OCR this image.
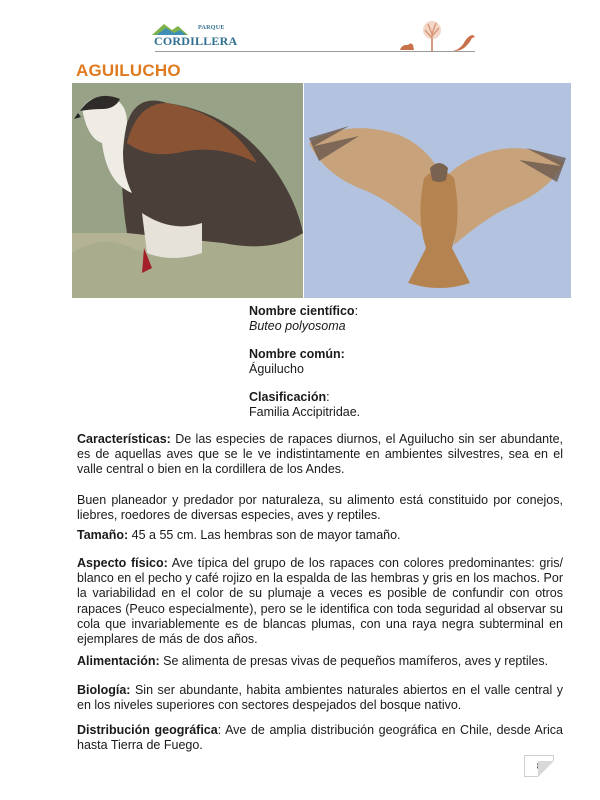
PARQUE
CORDILLERA
AGUILUCHO
Nombre científico:
Buteo polyosoma
Nombre común:
Águilucho
Clasificación:
Familia Accipitridae.
Características: De las especies de rapaces diurnos, el Aguilucho sin ser abundante, es de aquellas aves que se le ve indistintamente en ambientes silvestres, sea en el valle central o bien en la cordillera de los Andes.
Buen planeador y predador por naturaleza, su alimento está constituido por conejos, liebres, roedores de diversas especies, aves y reptiles.
Tamaño: 45 a 55 cm. Las hembras son de mayor tamaño.
Aspecto físico: Ave típica del grupo de los rapaces con colores predominantes: gris/ blanco en el pecho y café rojizo en la espalda de las hembras y gris en los machos. Por la variabilidad en el color de su plumaje a veces es posible de confundir con otros rapaces (Peuco especialmente), pero se le identifica con toda seguridad al observar su cola que invariablemente es de blancas plumas, con una raya negra subterminal en ejemplares de más de dos años.
Alimentación: Se alimenta de presas vivas de pequeños mamíferos, aves y reptiles.
Biología: Sin ser abundante, habita ambientes naturales abiertos en el valle central y en los niveles superiores con sectores despejados del bosque nativo.
Distribución geográfica: Ave de amplia distribución geográfica en Chile, desde Arica hasta Tierra de Fuego.
8
